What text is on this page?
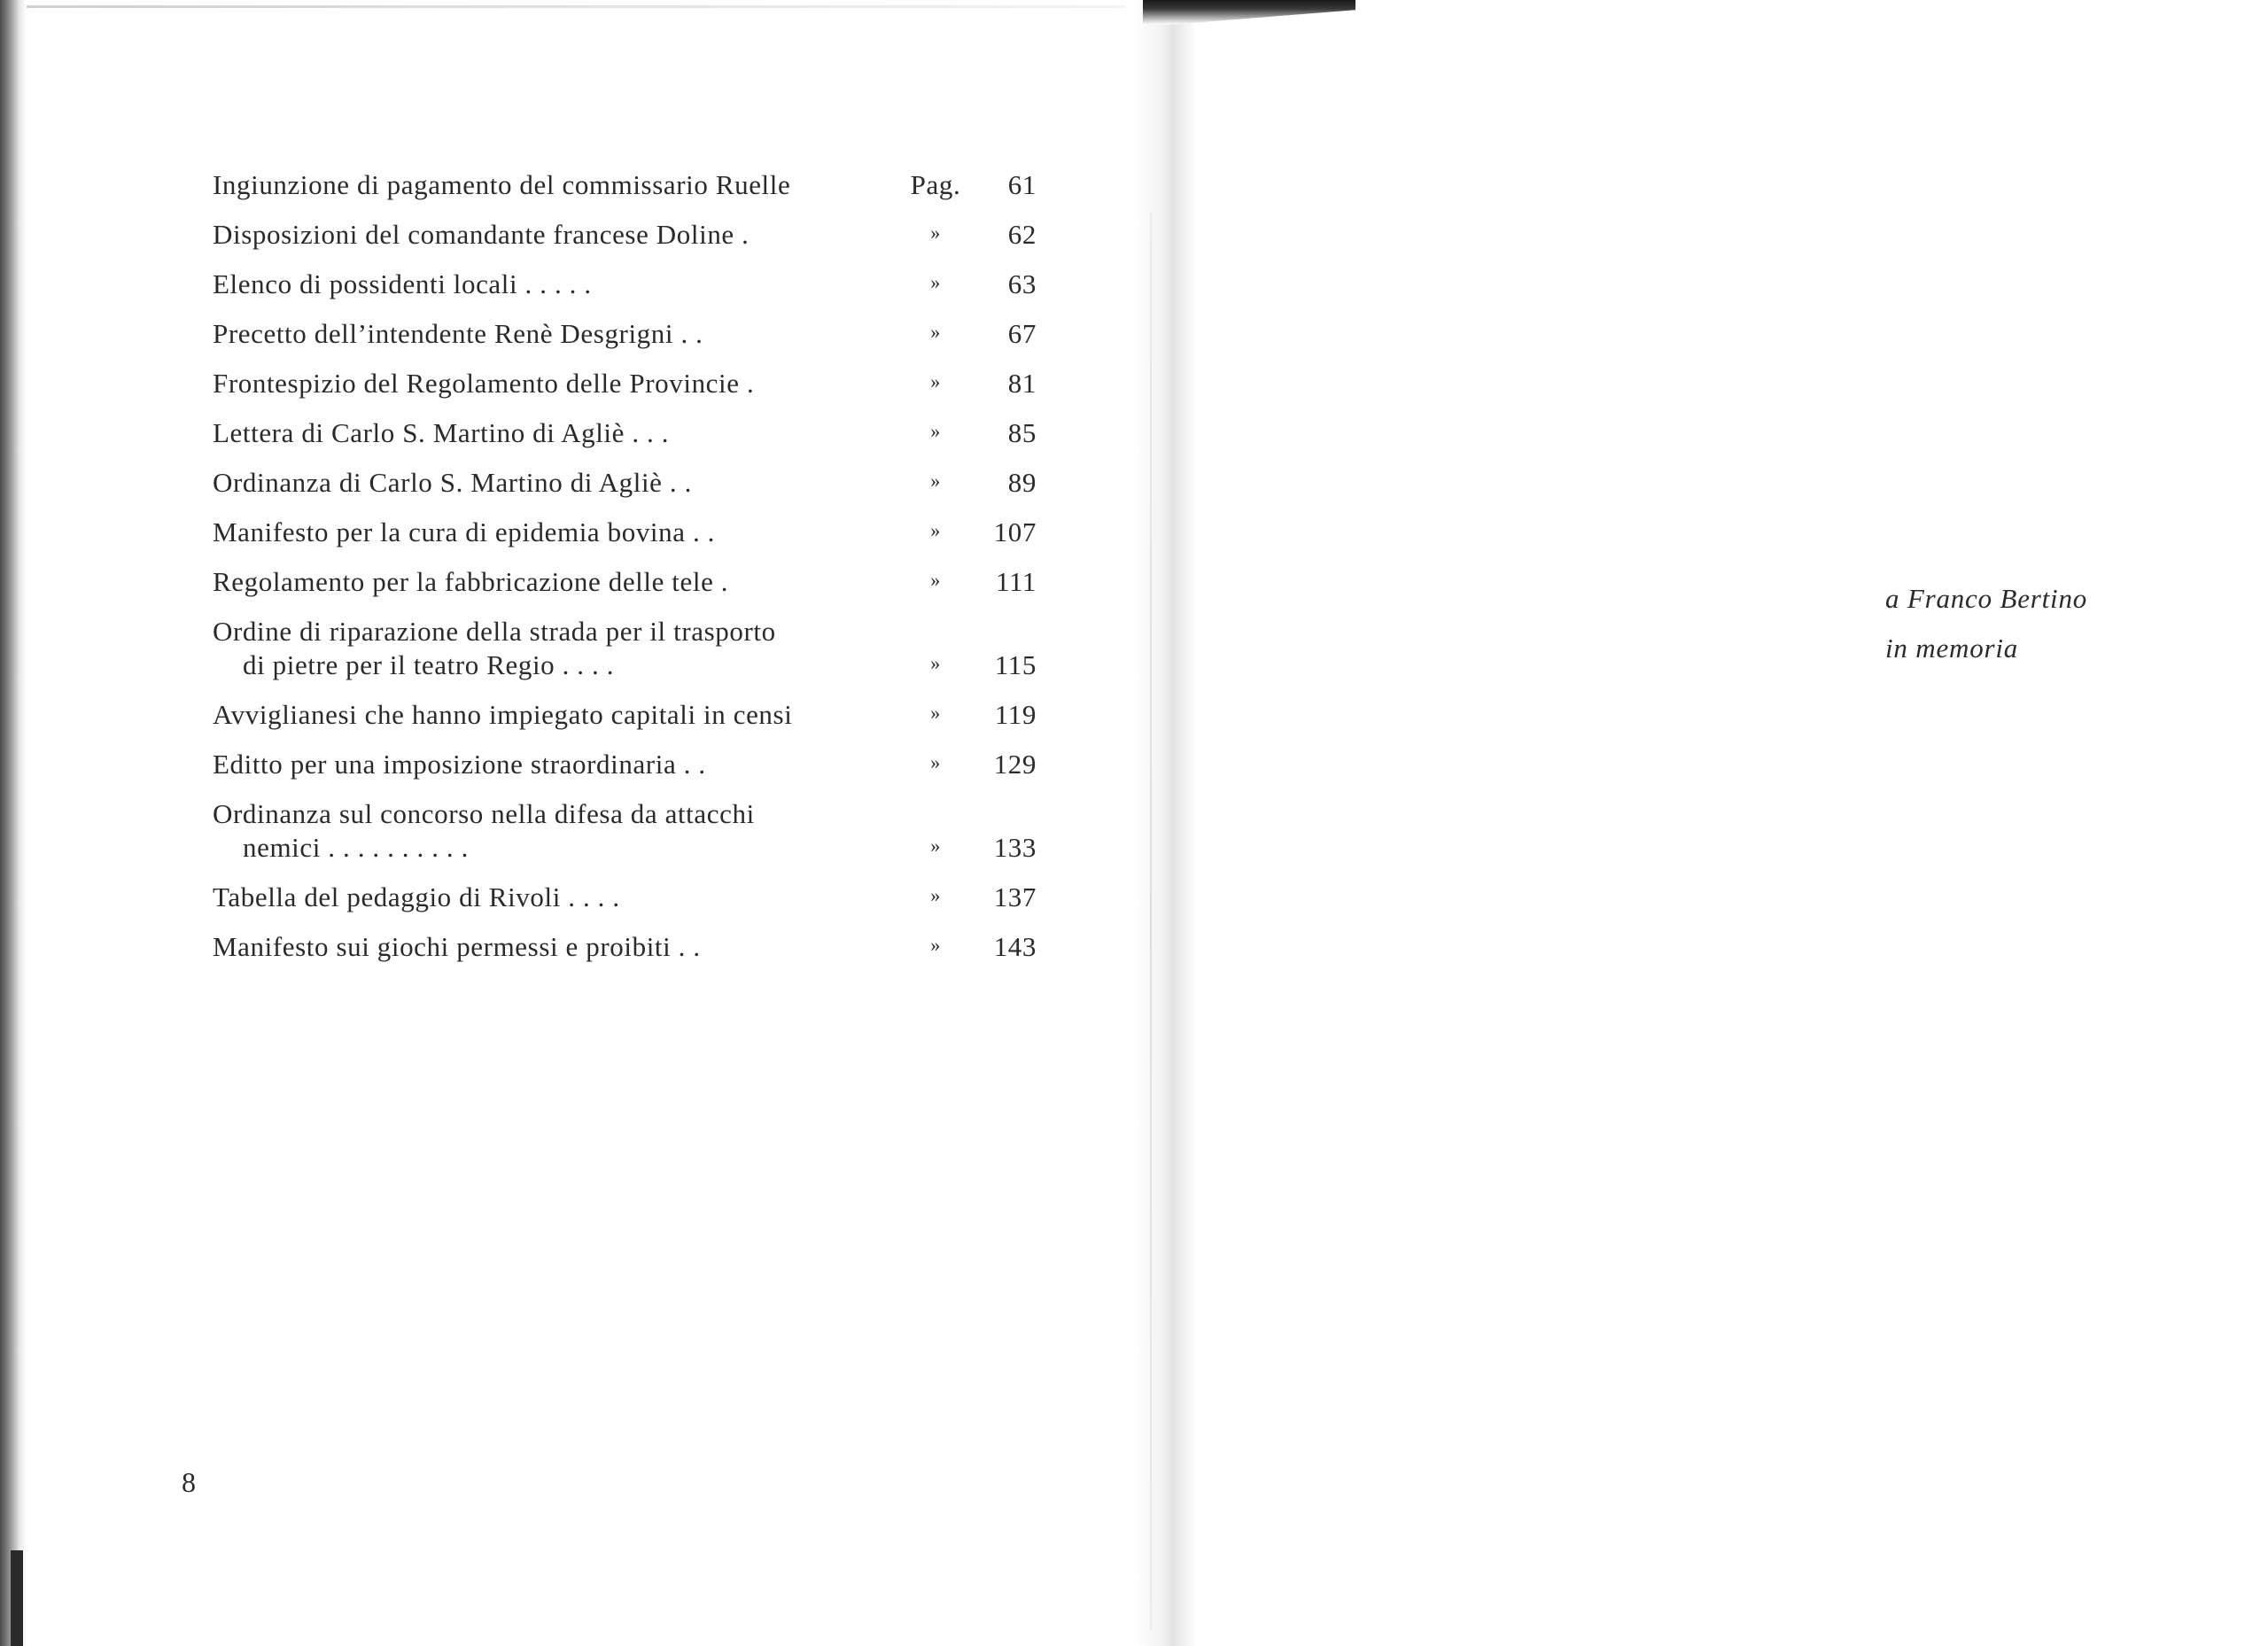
Ingiunzione di pagamento del commissario Ruelle	Pag.	61
Disposizioni del comandante francese Doline .	»	62
Elenco di possidenti locali . . . . .	»	63
Precetto dell’intendente Renè Desgrigni . .	»	67
Frontespizio del Regolamento delle Provincie .	»	81
Lettera di Carlo S. Martino di Agliè . . .	»	85
Ordinanza di Carlo S. Martino di Agliè . .	»	89
Manifesto per la cura di epidemia bovina . .	»	107
Regolamento per la fabbricazione delle tele .	»	111
Ordine di riparazione della strada per il trasporto
di pietre per il teatro Regio . . . .	»	115
Avviglianesi che hanno impiegato capitali in censi	»	119
Editto per una imposizione straordinaria . .	»	129
Ordinanza sul concorso nella difesa da attacchi
nemici . . . . . . . . . .	»	133
Tabella del pedaggio di Rivoli . . . .	»	137
Manifesto sui giochi permessi e proibiti . .	»	143
8
a Franco Bertino
in memoria
